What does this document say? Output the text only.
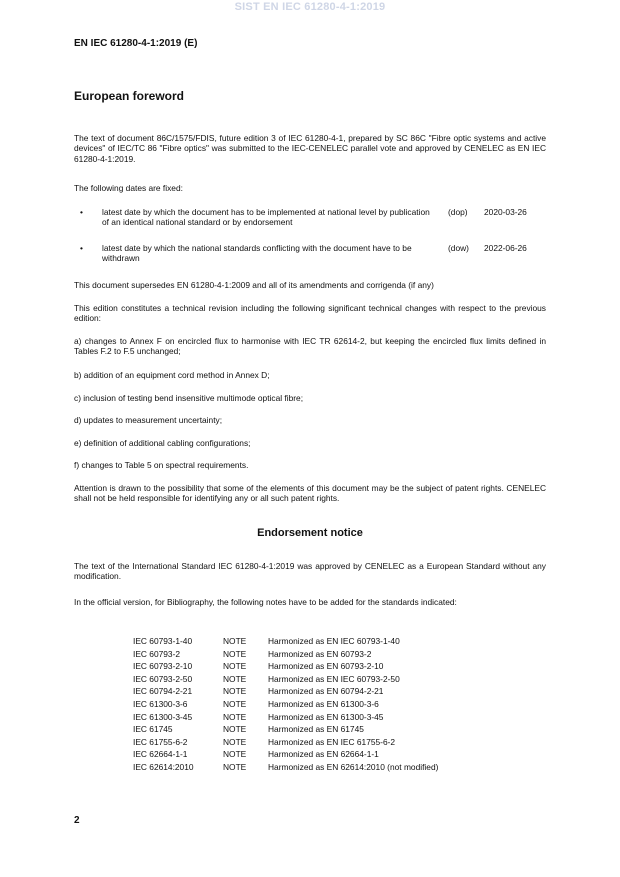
SIST EN IEC 61280-4-1:2019
EN IEC 61280-4-1:2019 (E)
European foreword

The text of document 86C/1575/FDIS, future edition 3 of IEC 61280-4-1, prepared by SC 86C "Fibre optic systems and active devices" of IEC/TC 86 "Fibre optics" was submitted to the IEC-CENELEC parallel vote and approved by CENELEC as EN IEC 61280-4-1:2019.

The following dates are fixed:

• latest date by which the document has to be implemented at national level by publication of an identical national standard or by endorsement
(dop) 2020-03-26
• latest date by which the national standards conflicting with the document have to be withdrawn
(dow) 2022-06-26

This document supersedes EN 61280-4-1:2009 and all of its amendments and corrigenda (if any)

This edition constitutes a technical revision including the following significant technical changes with respect to the previous edition:

a) changes to Annex F on encircled flux to harmonise with IEC TR 62614-2, but keeping the encircled flux limits defined in Tables F.2 to F.5 unchanged;

b) addition of an equipment cord method in Annex D;

c) inclusion of testing bend insensitive multimode optical fibre;

d) updates to measurement uncertainty;

e) definition of additional cabling configurations;

f) changes to Table 5 on spectral requirements.

Attention is drawn to the possibility that some of the elements of this document may be the subject of patent rights. CENELEC shall not be held responsible for identifying any or all such patent rights.

Endorsement notice

The text of the International Standard IEC 61280-4-1:2019 was approved by CENELEC as a European Standard without any modification.

In the official version, for Bibliography, the following notes have to be added for the standards indicated:

IEC 60793-1-40	NOTE	Harmonized as EN IEC 60793-1-40
IEC 60793-2	NOTE	Harmonized as EN 60793-2
IEC 60793-2-10	NOTE	Harmonized as EN 60793-2-10
IEC 60793-2-50	NOTE	Harmonized as EN IEC 60793-2-50
IEC 60794-2-21	NOTE	Harmonized as EN 60794-2-21
IEC 61300-3-6	NOTE	Harmonized as EN 61300-3-6
IEC 61300-3-45	NOTE	Harmonized as EN 61300-3-45
IEC 61745	NOTE	Harmonized as EN 61745
IEC 61755-6-2	NOTE	Harmonized as EN IEC 61755-6-2
IEC 62664-1-1	NOTE	Harmonized as EN 62664-1-1
IEC 62614:2010	NOTE	Harmonized as EN 62614:2010 (not modified)
2
